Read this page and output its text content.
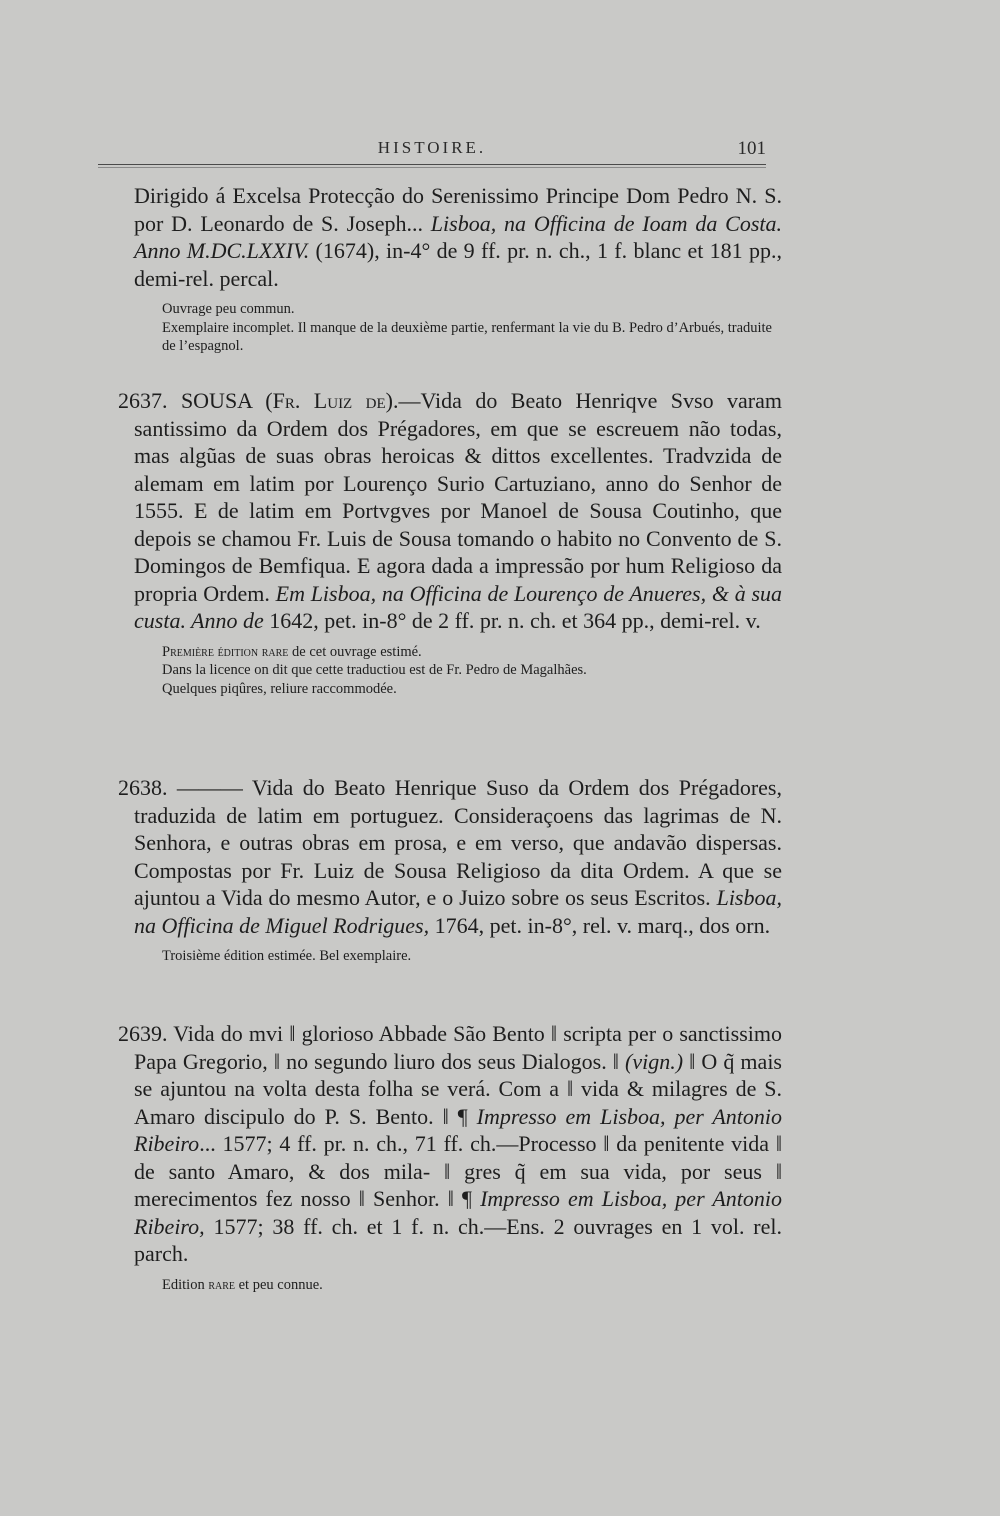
HISTOIRE.	101

Dirigido á Excelsa Protecção do Serenissimo Principe Dom Pedro N. S. por D. Leonardo de S. Joseph... Lisboa, na Officina de Ioam da Costa. Anno M.DC.LXXIV. (1674), in-4° de 9 ff. pr. n. ch., 1 f. blanc et 181 pp., demi-rel. percal.

Ouvrage peu commun.

Exemplaire incomplet. Il manque de la deuxième partie, renfermant la vie du B. Pedro d’Arbués, traduite de l’espagnol.

2637. SOUSA (Fr. Luiz de).—Vida do Beato Henriqve Svso varam santissimo da Ordem dos Prégadores, em que se escreuem não todas, mas algũas de suas obras heroicas & dittos excellentes. Tradvzida de alemam em latim por Lourenço Surio Cartuziano, anno do Senhor de 1555. E de latim em Portvgves por Manoel de Sousa Coutinho, que depois se chamou Fr. Luis de Sousa tomando o habito no Convento de S. Domingos de Bemfiqua. E agora dada a impressão por hum Religioso da propria Ordem. Em Lisboa, na Officina de Lourenço de Anueres, & à sua custa. Anno de 1642, pet. in-8° de 2 ff. pr. n. ch. et 364 pp., demi-rel. v.

Première édition rare de cet ouvrage estimé.

Dans la licence on dit que cette traductiou est de Fr. Pedro de Magalhães.

Quelques piqûres, reliure raccommodée.

2638. ——— Vida do Beato Henrique Suso da Ordem dos Prégadores, traduzida de latim em portuguez. Consideraçoens das lagrimas de N. Senhora, e outras obras em prosa, e em verso, que andavão dispersas. Compostas por Fr. Luiz de Sousa Religioso da dita Ordem. A que se ajuntou a Vida do mesmo Autor, e o Juizo sobre os seus Escritos. Lisboa, na Officina de Miguel Rodrigues, 1764, pet. in-8°, rel. v. marq., dos orn.

Troisième édition estimée. Bel exemplaire.

2639. Vida do mvi ‖ glorioso Abbade São Bento ‖ scripta per o sanctissimo Papa Gregorio, ‖ no segundo liuro dos seus Dialogos. ‖ (vign.) ‖ O q̃ mais se ajuntou na volta desta folha se verá. Com a ‖ vida & milagres de S. Amaro discipulo do P. S. Bento. ‖ ¶ Impresso em Lisboa, per Antonio Ribeiro... 1577; 4 ff. pr. n. ch., 71 ff. ch.—Processo ‖ da penitente vida ‖ de santo Amaro, & dos mila- ‖ gres q̃ em sua vida, por seus ‖ merecimentos fez nosso ‖ Senhor. ‖ ¶ Impresso em Lisboa, per Antonio Ribeiro, 1577; 38 ff. ch. et 1 f. n. ch.—Ens. 2 ouvrages en 1 vol. rel. parch.

Edition rare et peu connue.
